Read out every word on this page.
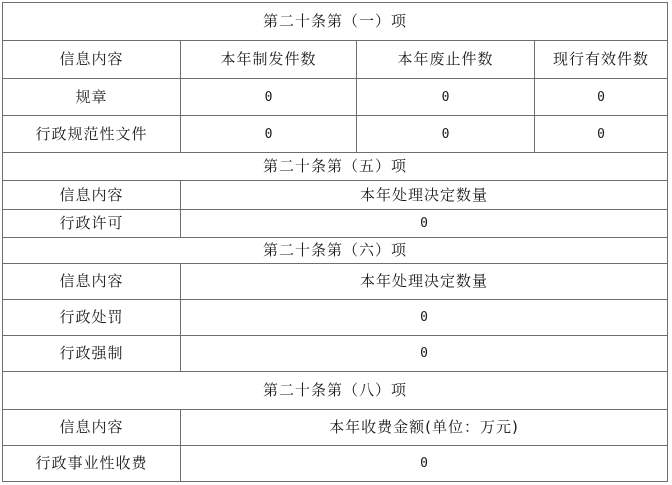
第二十条第（一）项			
信息内容	本年制发件数	本年废止件数	现行有效件数
规章	0	0	0
行政规范性文件	0	0	0
第二十条第（五）项			
信息内容	本年处理决定数量		
行政许可	0		
第二十条第（六）项			
信息内容	本年处理决定数量		
行政处罚	0		
行政强制	0		
第二十条第（八）项			
信息内容	本年收费金额(单位：万元)		
行政事业性收费	0		
